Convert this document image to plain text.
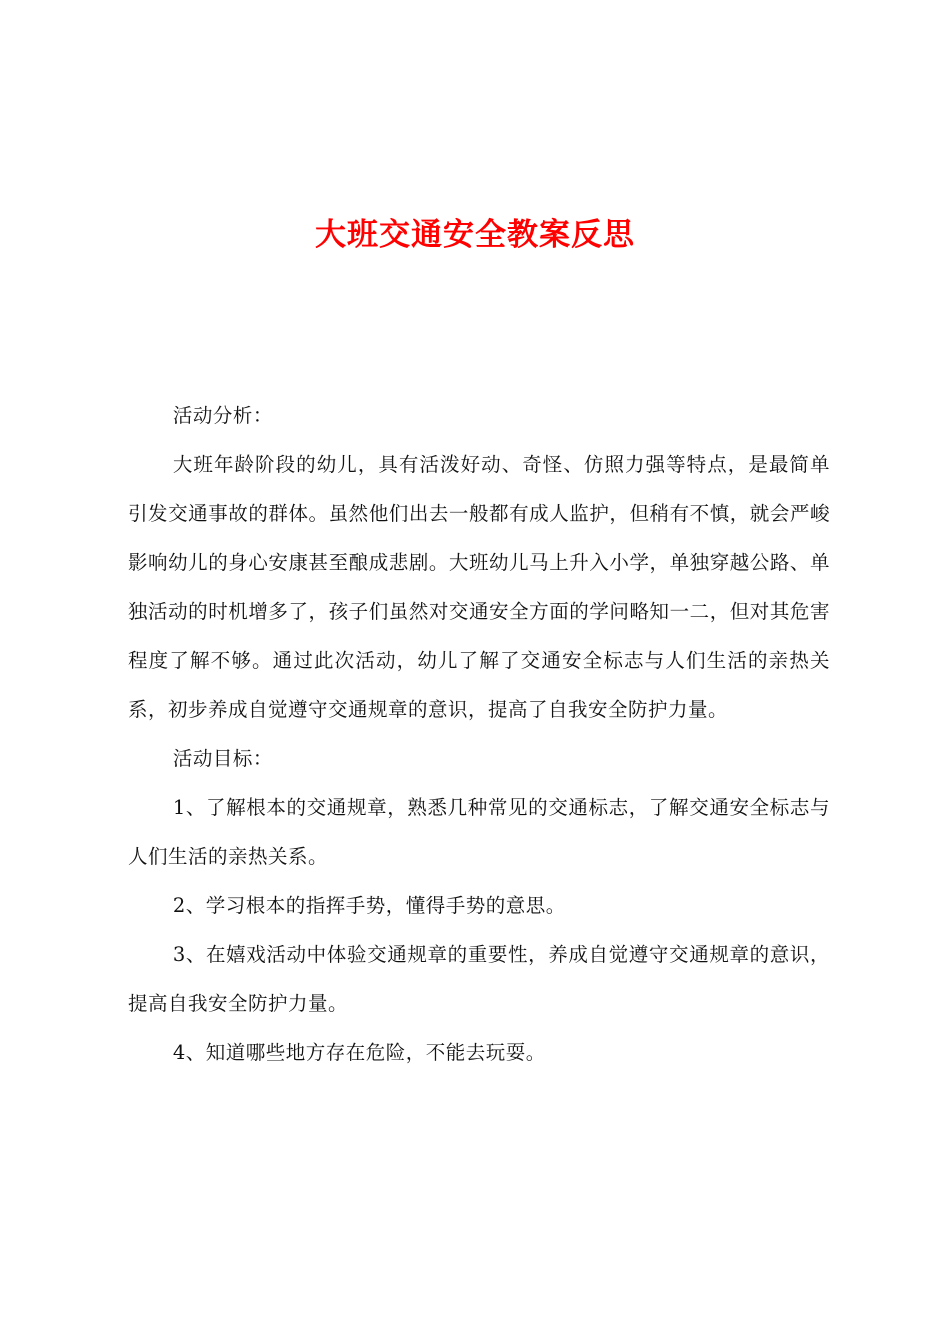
大班交通安全教案反思

活动分析：

大班年龄阶段的幼儿，具有活泼好动、奇怪、仿照力强等特点，是最简单引发交通事故的群体。虽然他们出去一般都有成人监护，但稍有不慎，就会严峻影响幼儿的身心安康甚至酿成悲剧。大班幼儿马上升入小学，单独穿越公路、单独活动的时机增多了，孩子们虽然对交通安全方面的学问略知一二，但对其危害程度了解不够。通过此次活动，幼儿了解了交通安全标志与人们生活的亲热关系，初步养成自觉遵守交通规章的意识，提高了自我安全防护力量。

活动目标：

1、了解根本的交通规章，熟悉几种常见的交通标志，了解交通安全标志与人们生活的亲热关系。

2、学习根本的指挥手势，懂得手势的意思。

3、在嬉戏活动中体验交通规章的重要性，养成自觉遵守交通规章的意识，提高自我安全防护力量。

4、知道哪些地方存在危险，不能去玩耍。
